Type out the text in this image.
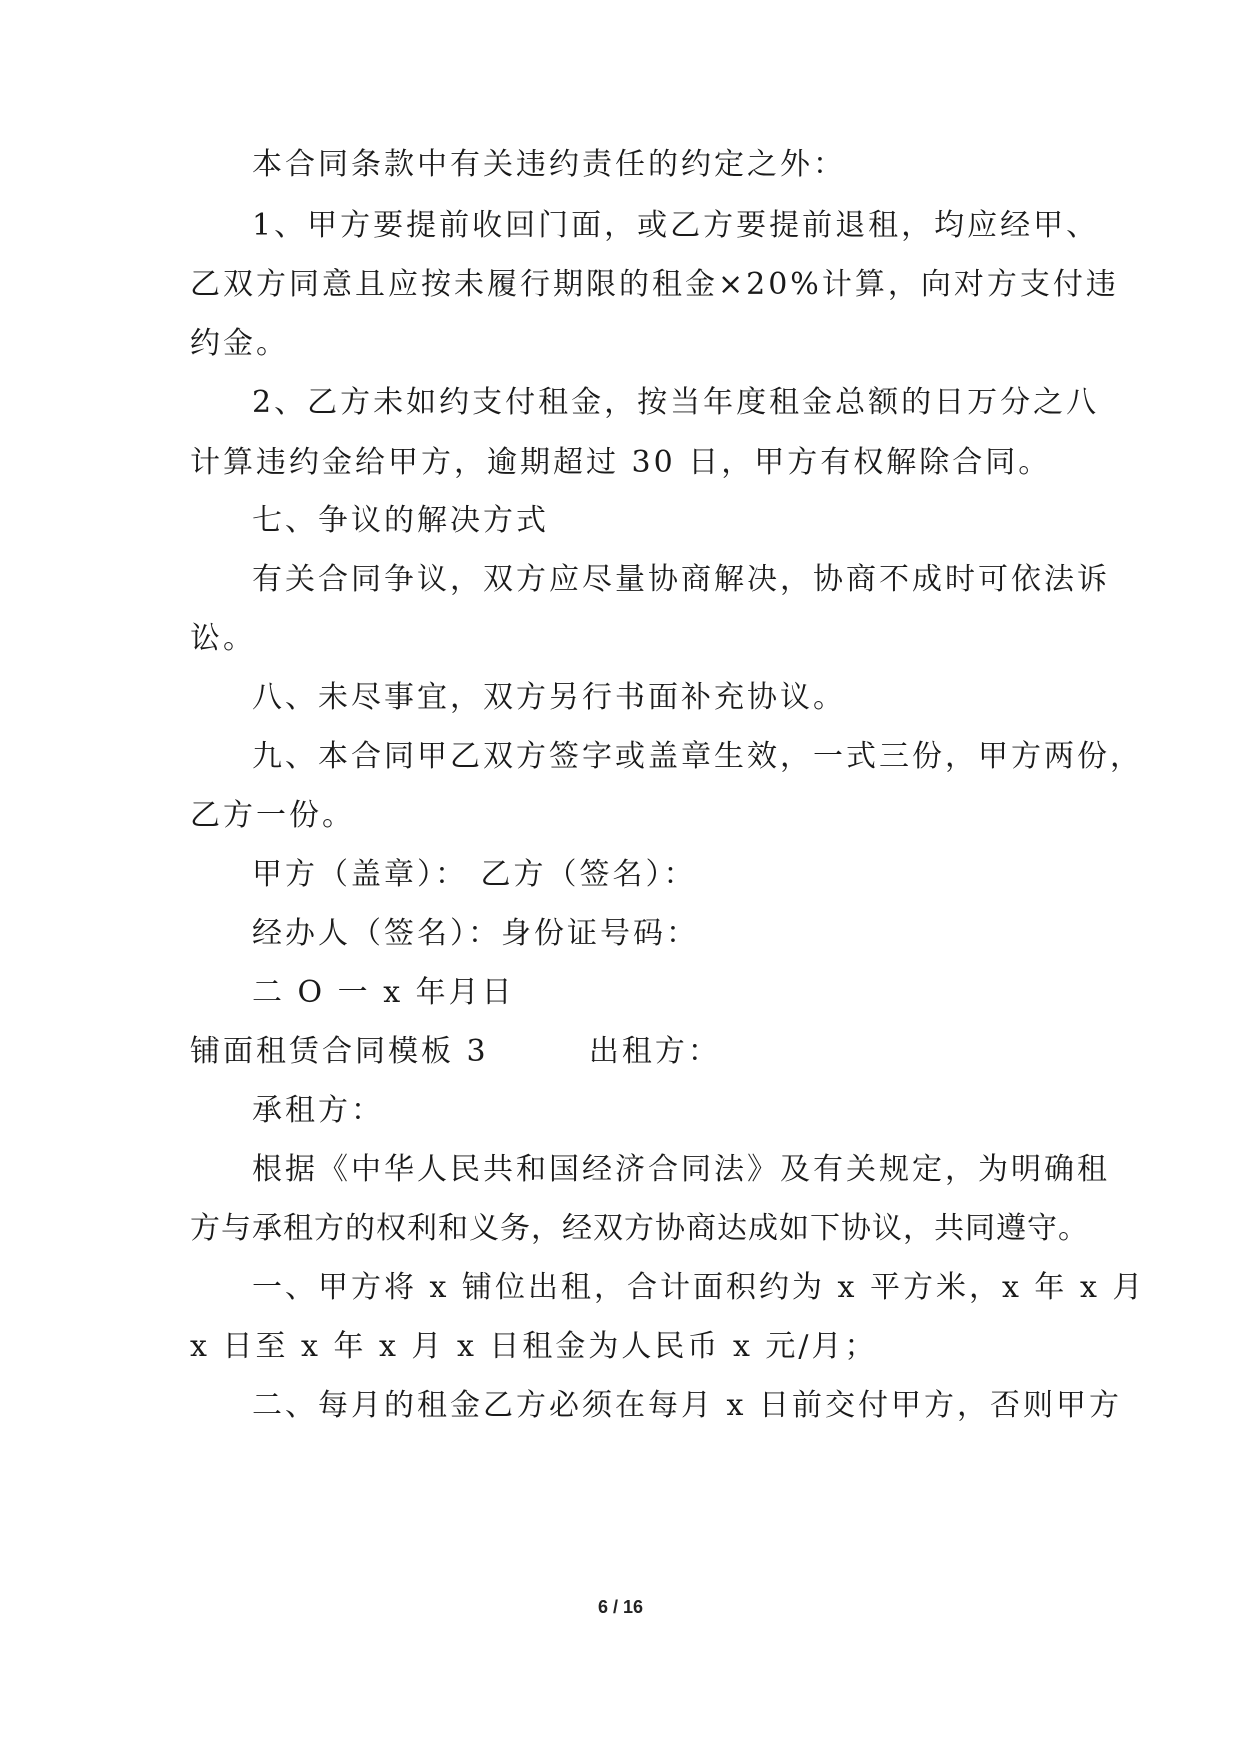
本合同条款中有关违约责任的约定之外：
1、甲方要提前收回门面，或乙方要提前退租，均应经甲、
乙双方同意且应按未履行期限的租金×20%计算，向对方支付违
约金。
2、乙方未如约支付租金，按当年度租金总额的日万分之八
计算违约金给甲方，逾期超过 30 日，甲方有权解除合同。
七、争议的解决方式
有关合同争议，双方应尽量协商解决，协商不成时可依法诉
讼。
八、未尽事宜，双方另行书面补充协议。
九、本合同甲乙双方签字或盖章生效，一式三份，甲方两份，
乙方一份。
甲方（盖章）： 乙方（签名）：
经办人（签名）：身份证号码：
二 O 一 x 年月日
铺面租赁合同模板 3        出租方：
承租方：
根据《中华人民共和国经济合同法》及有关规定，为明确租
方与承租方的权利和义务，经双方协商达成如下协议，共同遵守。
一、甲方将 x 铺位出租，合计面积约为 x 平方米，x 年 x 月
x 日至 x 年 x 月 x 日租金为人民币 x 元/月；
二、每月的租金乙方必须在每月 x 日前交付甲方，否则甲方
6 / 16
